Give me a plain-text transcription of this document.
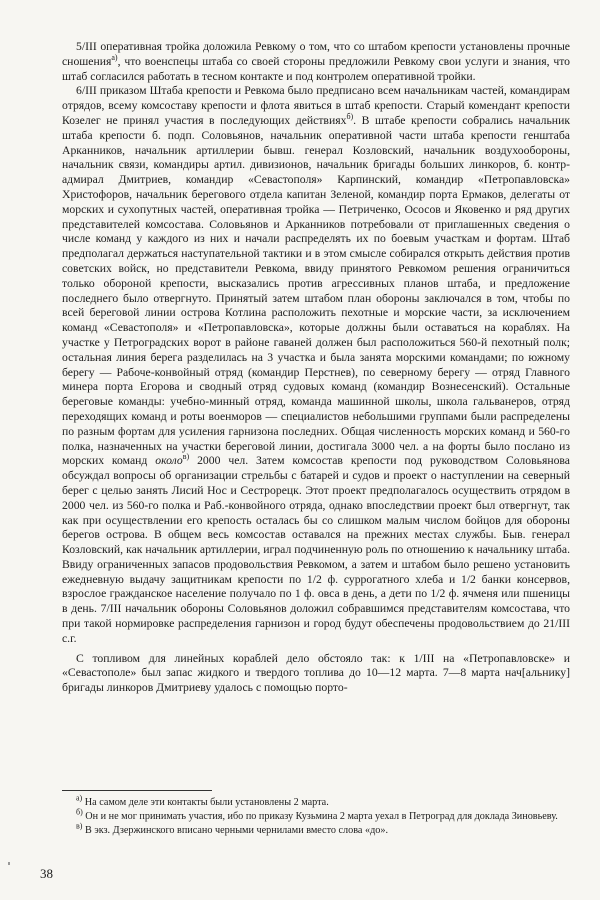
5/III оперативная тройка доложила Ревкому о том, что со штабом крепости установлены прочные сношения$^{а)}$, что военспецы штаба со своей стороны предложили Ревкому свои услуги и знания, что штаб согласился работать в тесном контакте и под контролем оперативной тройки.

6/III приказом Штаба крепости и Ревкома было предписано всем начальникам частей, командирам отрядов, всему комсоставу крепости и флота явиться в штаб крепости. Старый комендант крепости Козелег не принял участия в последующих действиях$^{б)}$. В штабе крепости собрались начальник штаба крепости б. подп. Соловьянов, начальник оперативной части штаба крепости генштаба Арканников, начальник артиллерии бывш. генерал Козловский, начальник воздухообороны, начальник связи, командиры артил. дивизионов, начальник бригады больших линкоров, б. контр-адмирал Дмитриев, командир «Севастополя» Карпинский, командир «Петропавловска» Христофоров, начальник берегового отдела капитан Зеленой, командир порта Ермаков, делегаты от морских и сухопутных частей, оперативная тройка — Петриченко, Ососов и Яковенко и ряд других представителей комсостава. Соловьянов и Арканников потребовали от приглашенных сведения о числе команд у каждого из них и начали распределять их по боевым участкам и фортам. Штаб предполагал держаться наступательной тактики и в этом смысле собирался открыть действия против советских войск, но представители Ревкома, ввиду принятого Ревкомом решения ограничиться только обороной крепости, высказались против агрессивных планов штаба, и предложение последнего было отвергнуто. Принятый затем штабом план обороны заключался в том, чтобы по всей береговой линии острова Котлина расположить пехотные и морские части, за исключением команд «Севастополя» и «Петропавловска», которые должны были оставаться на кораблях. На участке у Петроградских ворот в районе гаваней должен был расположиться 560-й пехотный полк; остальная линия берега разделилась на 3 участка и была занята морскими командами; по южному берегу — Рабоче-конвойный отряд (командир Перстнев), по северному берегу — отряд Главного минера порта Егорова и сводный отряд судовых команд (командир Вознесенский). Остальные береговые команды: учебно-минный отряд, команда машинной школы, школа гальванеров, отряд переходящих команд и роты военморов — специалистов небольшими группами были распределены по разным фортам для усиления гарнизона последних. Общая численность морских команд и 560-го полка, назначенных на участки береговой линии, достигала 3000 чел. а на форты было послано из морских команд около$^{в)}$ 2000 чел. Затем комсостав крепости под руководством Соловьянова обсуждал вопросы об организации стрельбы с батарей и судов и проект о наступлении на северный берег с целью занять Лисий Нос и Сестрорецк. Этот проект предполагалось осуществить отрядом в 2000 чел. из 560-го полка и Раб.-конвойного отряда, однако впоследствии проект был отвергнут, так как при осуществлении его крепость осталась бы со слишком малым числом бойцов для обороны берегов острова. В общем весь комсостав оставался на прежних местах службы. Быв. генерал Козловский, как начальник артиллерии, играл подчиненную роль по отношению к начальнику штаба. Ввиду ограниченных запасов продовольствия Ревкомом, а затем и штабом было решено установить ежедневную выдачу защитникам крепости по 1/2 ф. суррогатного хлеба и 1/2 банки консервов, взрослое гражданское население получало по 1 ф. овса в день, а дети по 1/2 ф. ячменя или пшеницы в день. 7/III начальник обороны Соловьянов доложил собравшимся представителям комсостава, что при такой нормировке распределения гарнизон и город будут обеспечены продовольствием до 21/III с.г.

С топливом для линейных кораблей дело обстояло так: к 1/III на «Петропавловске» и «Севастополе» был запас жидкого и твердого топлива до 10—12 марта. 7—8 марта нач[альнику] бригады линкоров Дмитриеву удалось с помощью порто-

$^{а)}$ На самом деле эти контакты были установлены 2 марта.

$^{б)}$ Он и не мог принимать участия, ибо по приказу Кузьмина 2 марта уехал в Петроград для доклада Зиновьеву.

$^{в)}$ В экз. Дзержинского вписано черными чернилами вместо слова «до».

38
